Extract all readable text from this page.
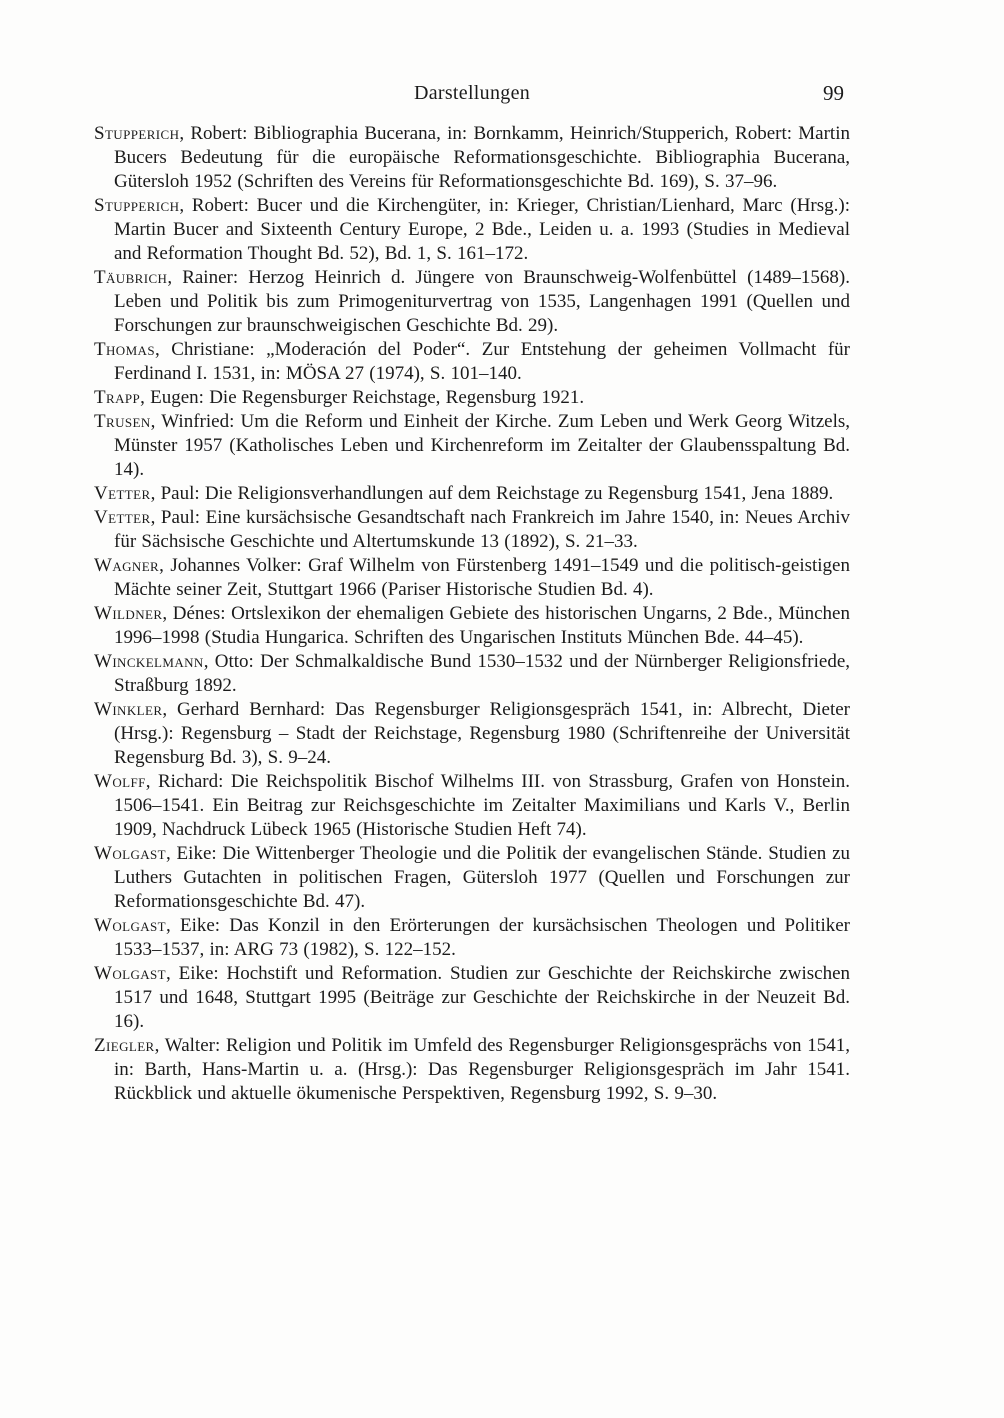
Darstellungen	99

Stupperich, Robert: Bibliographia Bucerana, in: Bornkamm, Heinrich/Stupperich, Robert: Martin Bucers Bedeutung für die europäische Reformationsgeschichte. Bibliographia Bucerana, Gütersloh 1952 (Schriften des Vereins für Reformationsgeschichte Bd. 169), S. 37–96.

Stupperich, Robert: Bucer und die Kirchengüter, in: Krieger, Christian/Lienhard, Marc (Hrsg.): Martin Bucer and Sixteenth Century Europe, 2 Bde., Leiden u. a. 1993 (Studies in Medieval and Reformation Thought Bd. 52), Bd. 1, S. 161–172.

Täubrich, Rainer: Herzog Heinrich d. Jüngere von Braunschweig-Wolfenbüttel (1489–1568). Leben und Politik bis zum Primogeniturvertrag von 1535, Langenhagen 1991 (Quellen und Forschungen zur braunschweigischen Geschichte Bd. 29).

Thomas, Christiane: „Moderación del Poder“. Zur Entstehung der geheimen Vollmacht für Ferdinand I. 1531, in: MÖSA 27 (1974), S. 101–140.

Trapp, Eugen: Die Regensburger Reichstage, Regensburg 1921.

Trusen, Winfried: Um die Reform und Einheit der Kirche. Zum Leben und Werk Georg Witzels, Münster 1957 (Katholisches Leben und Kirchenreform im Zeitalter der Glaubensspaltung Bd. 14).

Vetter, Paul: Die Religionsverhandlungen auf dem Reichstage zu Regensburg 1541, Jena 1889.

Vetter, Paul: Eine kursächsische Gesandtschaft nach Frankreich im Jahre 1540, in: Neues Archiv für Sächsische Geschichte und Altertumskunde 13 (1892), S. 21–33.

Wagner, Johannes Volker: Graf Wilhelm von Fürstenberg 1491–1549 und die politisch-geistigen Mächte seiner Zeit, Stuttgart 1966 (Pariser Historische Studien Bd. 4).

Wildner, Dénes: Ortslexikon der ehemaligen Gebiete des historischen Ungarns, 2 Bde., München 1996–1998 (Studia Hungarica. Schriften des Ungarischen Instituts München Bde. 44–45).

Winckelmann, Otto: Der Schmalkaldische Bund 1530–1532 und der Nürnberger Religionsfriede, Straßburg 1892.

Winkler, Gerhard Bernhard: Das Regensburger Religionsgespräch 1541, in: Albrecht, Dieter (Hrsg.): Regensburg – Stadt der Reichstage, Regensburg 1980 (Schriftenreihe der Universität Regensburg Bd. 3), S. 9–24.

Wolff, Richard: Die Reichspolitik Bischof Wilhelms III. von Strassburg, Grafen von Honstein. 1506–1541. Ein Beitrag zur Reichsgeschichte im Zeitalter Maximilians und Karls V., Berlin 1909, Nachdruck Lübeck 1965 (Historische Studien Heft 74).

Wolgast, Eike: Die Wittenberger Theologie und die Politik der evangelischen Stände. Studien zu Luthers Gutachten in politischen Fragen, Gütersloh 1977 (Quellen und Forschungen zur Reformationsgeschichte Bd. 47).

Wolgast, Eike: Das Konzil in den Erörterungen der kursächsischen Theologen und Politiker 1533–1537, in: ARG 73 (1982), S. 122–152.

Wolgast, Eike: Hochstift und Reformation. Studien zur Geschichte der Reichskirche zwischen 1517 und 1648, Stuttgart 1995 (Beiträge zur Geschichte der Reichskirche in der Neuzeit Bd. 16).

Ziegler, Walter: Religion und Politik im Umfeld des Regensburger Religionsgesprächs von 1541, in: Barth, Hans-Martin u. a. (Hrsg.): Das Regensburger Religionsgespräch im Jahr 1541. Rückblick und aktuelle ökumenische Perspektiven, Regensburg 1992, S. 9–30.
